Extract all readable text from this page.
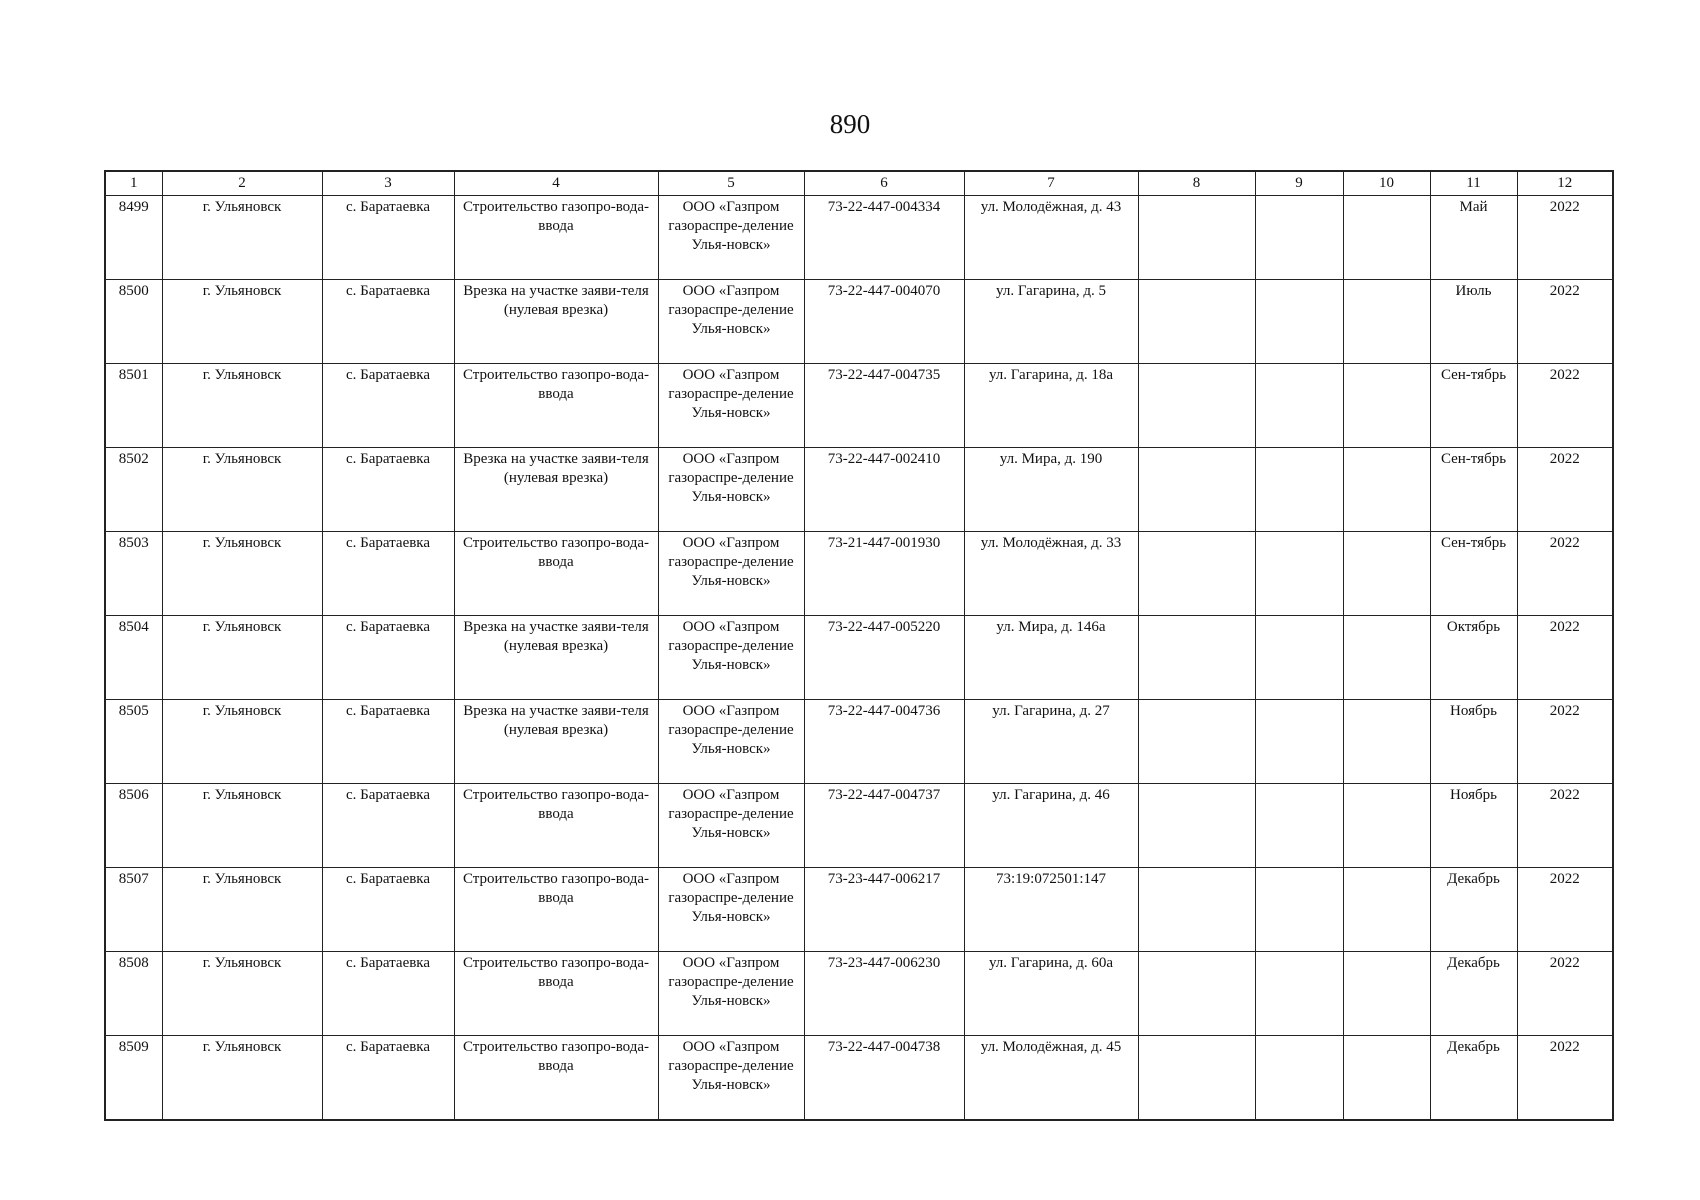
890
1	2	3	4	5	6	7	8	9	10	11	12
8499	г. Ульяновск	с. Баратаевка	Строительство газопро-вода-ввода	ООО «Газпром газораспре-деление Улья-новск»	73-22-447-004334	ул. Молодёжная, д. 43				Май	2022
8500	г. Ульяновск	с. Баратаевка	Врезка на участке заяви-теля (нулевая врезка)	ООО «Газпром газораспре-деление Улья-новск»	73-22-447-004070	ул. Гагарина, д. 5				Июль	2022
8501	г. Ульяновск	с. Баратаевка	Строительство газопро-вода-ввода	ООО «Газпром газораспре-деление Улья-новск»	73-22-447-004735	ул. Гагарина, д. 18а				Сен-тябрь	2022
8502	г. Ульяновск	с. Баратаевка	Врезка на участке заяви-теля (нулевая врезка)	ООО «Газпром газораспре-деление Улья-новск»	73-22-447-002410	ул. Мира, д. 190				Сен-тябрь	2022
8503	г. Ульяновск	с. Баратаевка	Строительство газопро-вода-ввода	ООО «Газпром газораспре-деление Улья-новск»	73-21-447-001930	ул. Молодёжная, д. 33				Сен-тябрь	2022
8504	г. Ульяновск	с. Баратаевка	Врезка на участке заяви-теля (нулевая врезка)	ООО «Газпром газораспре-деление Улья-новск»	73-22-447-005220	ул. Мира, д. 146а				Октябрь	2022
8505	г. Ульяновск	с. Баратаевка	Врезка на участке заяви-теля (нулевая врезка)	ООО «Газпром газораспре-деление Улья-новск»	73-22-447-004736	ул. Гагарина, д. 27				Ноябрь	2022
8506	г. Ульяновск	с. Баратаевка	Строительство газопро-вода-ввода	ООО «Газпром газораспре-деление Улья-новск»	73-22-447-004737	ул. Гагарина, д. 46				Ноябрь	2022
8507	г. Ульяновск	с. Баратаевка	Строительство газопро-вода-ввода	ООО «Газпром газораспре-деление Улья-новск»	73-23-447-006217	73:19:072501:147				Декабрь	2022
8508	г. Ульяновск	с. Баратаевка	Строительство газопро-вода-ввода	ООО «Газпром газораспре-деление Улья-новск»	73-23-447-006230	ул. Гагарина, д. 60а				Декабрь	2022
8509	г. Ульяновск	с. Баратаевка	Строительство газопро-вода-ввода	ООО «Газпром газораспре-деление Улья-новск»	73-22-447-004738	ул. Молодёжная, д. 45				Декабрь	2022
